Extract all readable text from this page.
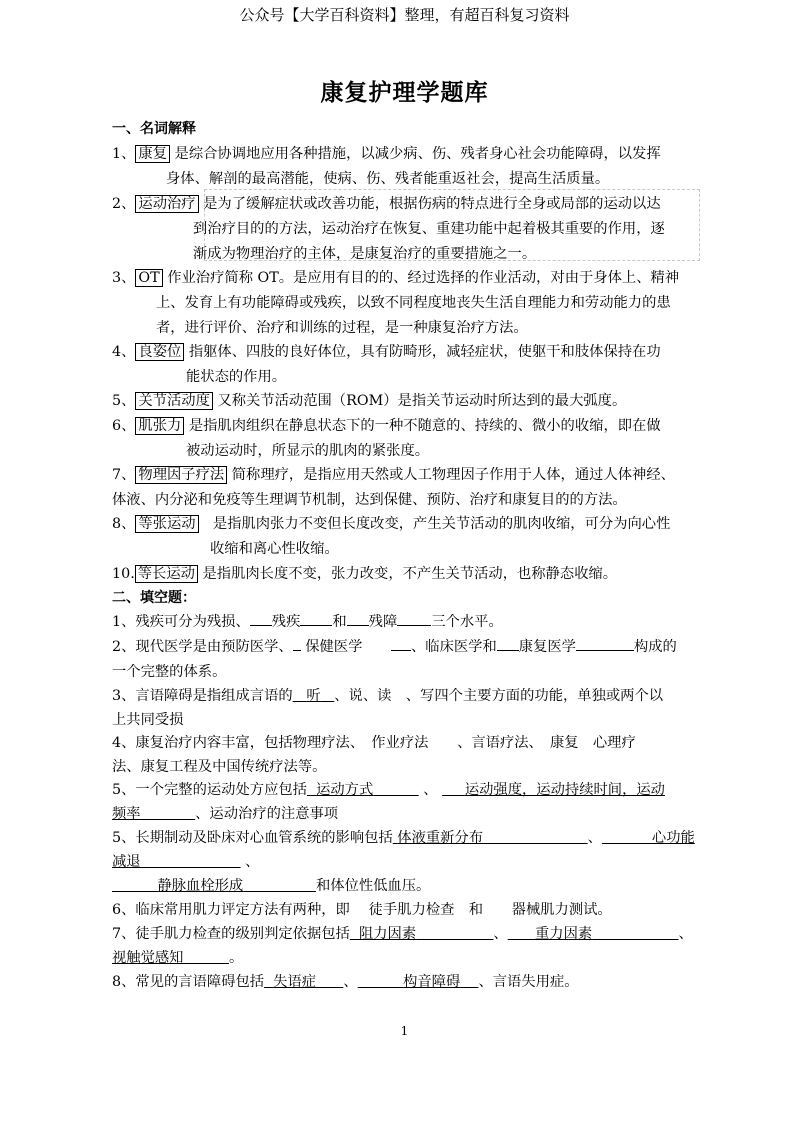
公众号【大学百科资料】整理，有超百科复习资料
康复护理学题库
一、名词解释
1、 康复 是综合协调地应用各种措施，以减少病、伤、残者身心社会功能障碍，以发挥
身体、解剖的最高潜能，使病、伤、残者能重返社会，提高生活质量。
2、 运动治疗 是为了缓解症状或改善功能，根据伤病的特点进行全身或局部的运动以达
到治疗目的的方法，运动治疗在恢复、重建功能中起着极其重要的作用，逐
渐成为物理治疗的主体，是康复治疗的重要措施之一。
3、 OT 作业治疗简称 OT。是应用有目的的、经过选择的作业活动，对由于身体上、精神
上、发育上有功能障碍或残疾，以致不同程度地丧失生活自理能力和劳动能力的患
者，进行评价、治疗和训练的过程，是一种康复治疗方法。
4、 良姿位 指躯体、四肢的良好体位，具有防畸形，减轻症状，使躯干和肢体保持在功
能状态的作用。
5、 关节活动度 又称关节活动范围（ROM）是指关节运动时所达到的最大弧度。
6、 肌张力 是指肌肉组织在静息状态下的一种不随意的、持续的、微小的收缩，即在做
被动运动时，所显示的肌肉的紧张度。
7、 物理因子疗法 简称理疗，是指应用天然或人工物理因子作用于人体，通过人体神经、
体液、内分泌和免疫等生理调节机制，达到保健、预防、治疗和康复目的的方法。
8、 等张运动　 是指肌肉张力不变但长度改变，产生关节活动的肌肉收缩，可分为向心性
收缩和离心性收缩。
10. 等长运动 是指肌肉长度不变，张力改变，不产生关节活动，也称静态收缩。
二、填空题：
1、残疾可分为残损、 残疾 和 残障 三个水平。
2、现代医学是由预防医学、 保健医学　　	、临床医学和 康复医学	构成的
一个完整的体系。
3、言语障碍是指组成言语的 听 、说、读　、写四个主要方面的功能，单独或两个以
上共同受损
4、康复治疗内容丰富，包括物理疗法、　作业疗法　　、言语疗法、　康复　心理疗
法、康复工程及中国传统疗法等。
5、一个完整的运动处方应包括 运动方式	、 运动强度，运动持续时间，运动
频率	、运动治疗的注意事项
5、长期制动及卧床对心血管系统的影响包括 体液重新分布	、	心功能
减退	、
静脉血栓形成	和体位性低血压。
6、临床常用肌力评定方法有两种，即　 徒手肌力检查　和　　器械肌力测试。
7、徒手肌力检查的级别判定依据包括 阻力因素	、 重力因素	、
视触觉感知	。
8、常见的言语障碍包括 失语症 、	构音障碍 、言语失用症。
1
